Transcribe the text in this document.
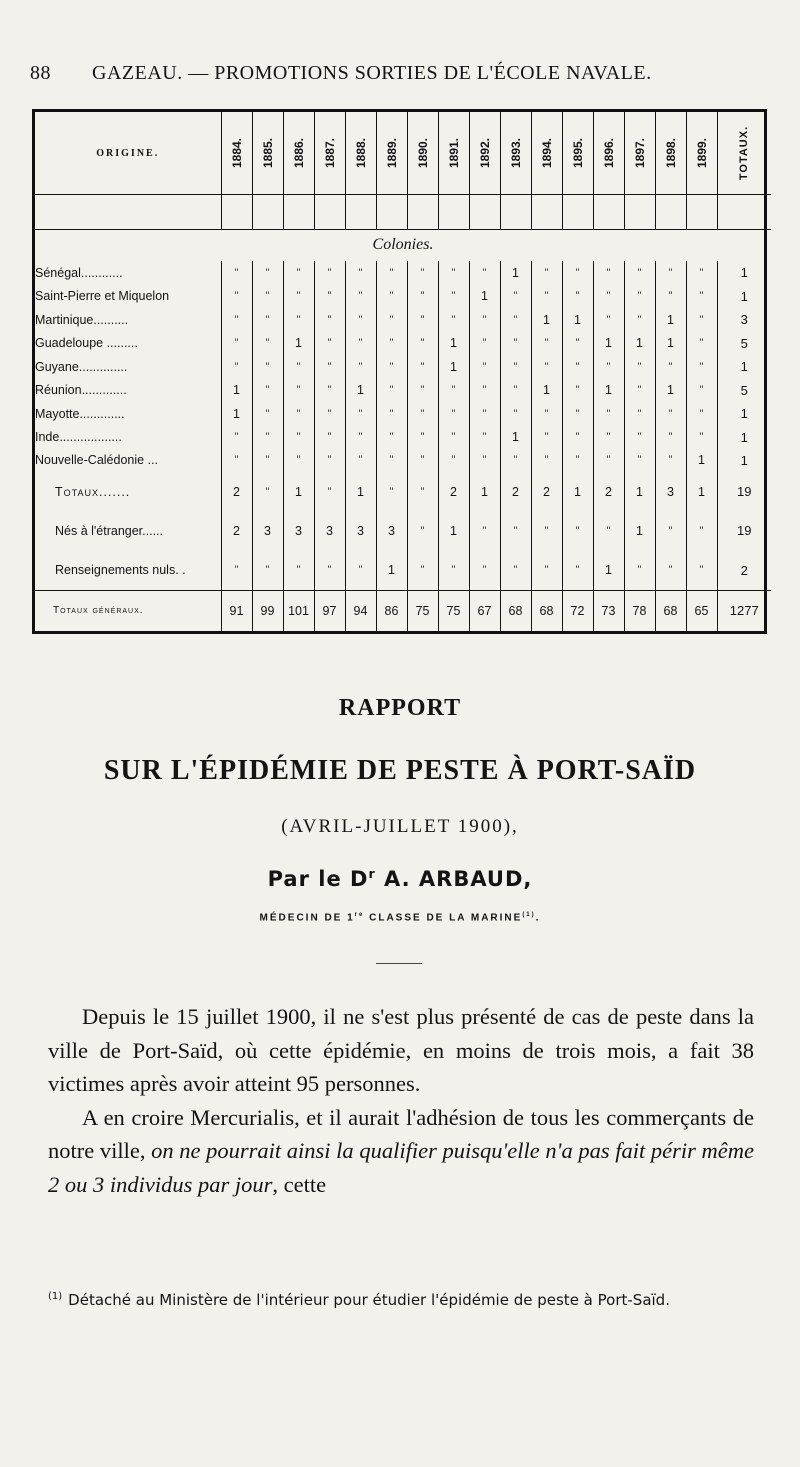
88	GAZEAU. — PROMOTIONS SORTIES DE L'ÉCOLE NAVALE.
ORIGINE.	1884.	1885.	1886.	1887.	1888.	1889.	1890.	1891.	1892.	1893.	1894.	1895.	1896.	1897.	1898.	1899.	TOTAUX.

Colonies.																	
Sénégal............	"	"	"	"	"	"	"	"	"	1	"	"	"	"	"	"	1
Saint-Pierre et Miquelon	"	"	"	"	"	"	"	"	1	"	"	"	"	"	"	"	1
Martinique..........	"	"	"	"	"	"	"	"	"	"	1	1	"	"	1	"	3
Guadeloupe .........	"	"	1	"	"	"	"	1	"	"	"	"	1	1	1	"	5
Guyane..............	"	"	"	"	"	"	"	1	"	"	"	"	"	"	"	"	1
Réunion.............	1	"	"	"	1	"	"	"	"	"	1	"	1	"	1	"	5
Mayotte.............	1	"	"	"	"	"	"	"	"	"	"	"	"	"	"	"	1
Inde..................	"	"	"	"	"	"	"	"	"	1	"	"	"	"	"	"	1
Nouvelle-Calédonie ...	"	"	"	"	"	"	"	"	"	"	"	"	"	"	"	1	1
Totaux.......	2	"	1	"	1	"	"	2	1	2	2	1	2	1	3	1	19
Nés à l'étranger......	2	3	3	3	3	3	"	1	"	"	"	"	"	1	"	"	19
Renseignements nuls. .	"	"	"	"	"	1	"	"	"	"	"	"	1	"	"	"	2
Totaux généraux.	91	99	101	97	94	86	75	75	67	68	68	72	73	78	68	65	1277
RAPPORT
SUR L'ÉPIDÉMIE DE PESTE À PORT-SAÏD
(AVRIL-JUILLET 1900),
Par le $D^r$ A. ARBAUD,
MÉDECIN DE 1re CLASSE DE LA MARINE$^{(1)}$.

Depuis le 15 juillet 1900, il ne s'est plus présenté de cas de peste dans la ville de Port-Saïd, où cette épidémie, en moins de trois mois, a fait 38 victimes après avoir atteint 95 personnes.

A en croire Mercurialis, et il aurait l'adhésion de tous les commerçants de notre ville, on ne pourrait ainsi la qualifier puisqu'elle n'a pas fait périr même 2 ou 3 individus par jour, cette

$^{(1)}$ Détaché au Ministère de l'intérieur pour étudier l'épidémie de peste à Port-Saïd.
